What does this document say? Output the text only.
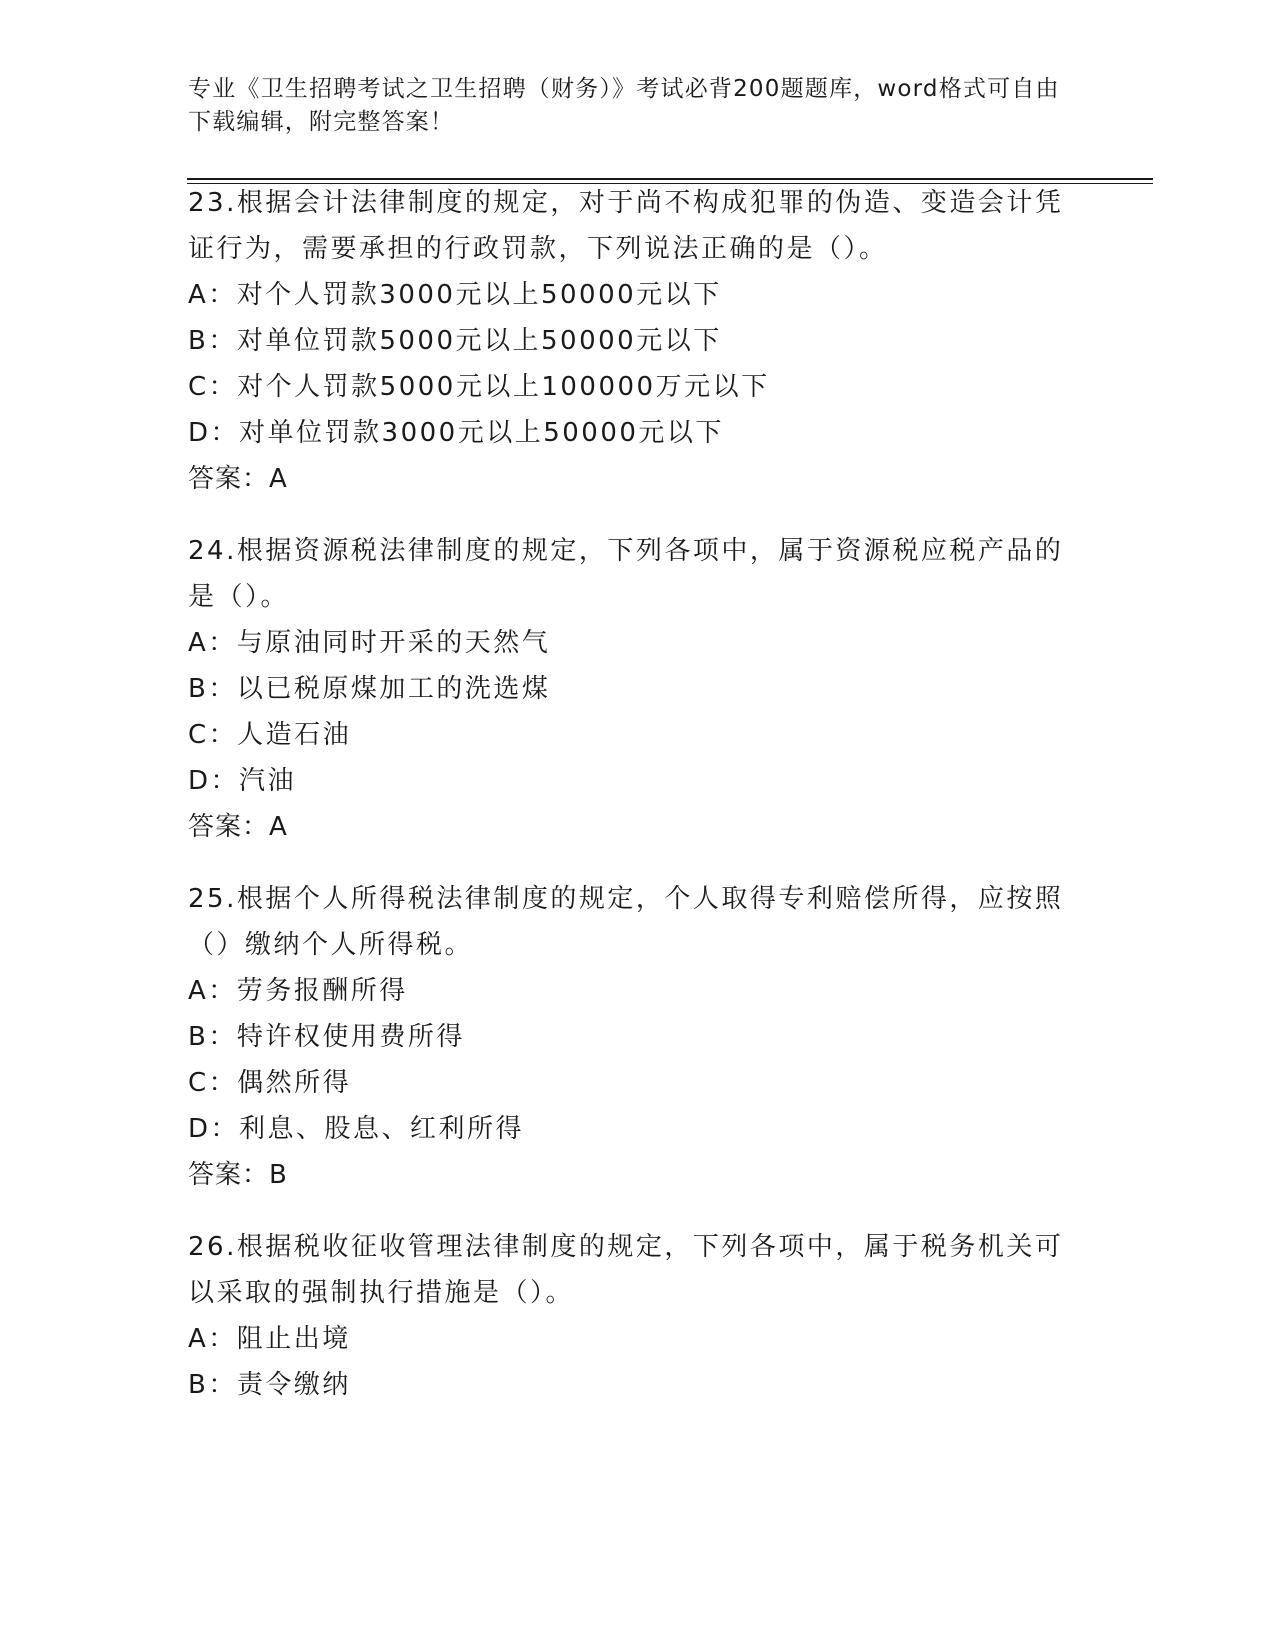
专业《卫生招聘考试之卫生招聘（财务）》考试必背200题题库，word格式可自由下载编辑，附完整答案！

23.根据会计法律制度的规定，对于尚不构成犯罪的伪造、变造会计凭证行为，需要承担的行政罚款，下列说法正确的是（）。

A：对个人罚款3000元以上50000元以下
B：对单位罚款5000元以上50000元以下
C：对个人罚款5000元以上100000万元以下
D：对单位罚款3000元以上50000元以下
答案：A

24.根据资源税法律制度的规定，下列各项中，属于资源税应税产品的是（）。

A：与原油同时开采的天然气
B：以已税原煤加工的洗选煤
C：人造石油
D：汽油
答案：A

25.根据个人所得税法律制度的规定，个人取得专利赔偿所得，应按照（）缴纳个人所得税。

A：劳务报酬所得
B：特许权使用费所得
C：偶然所得
D：利息、股息、红利所得
答案：B

26.根据税收征收管理法律制度的规定，下列各项中，属于税务机关可以采取的强制执行措施是（）。

A：阻止出境
B：责令缴纳
